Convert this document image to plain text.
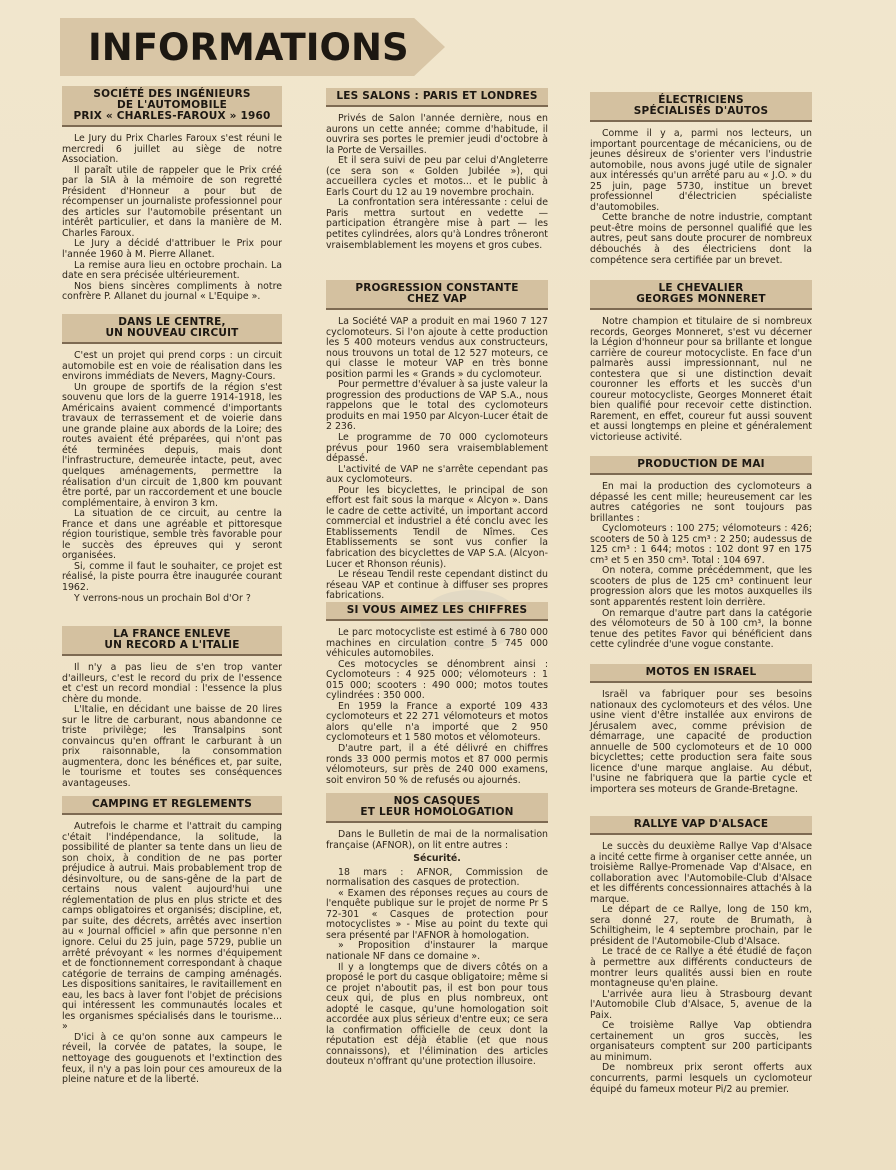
INFORMATIONS
SOCIÉTÉ DES INGÉNIEURS
DE L'AUTOMOBILE
PRIX « CHARLES-FAROUX » 1960

Le Jury du Prix Charles Faroux s'est réuni le mercredi 6 juillet au siège de notre Association.

Il paraît utile de rappeler que le Prix créé par la SIA à la mémoire de son regretté Président d'Honneur a pour but de récompenser un journaliste professionnel pour des articles sur l'automobile présentant un intérêt particulier, et dans la manière de M. Charles Faroux.

Le Jury a décidé d'attribuer le Prix pour l'année 1960 à M. Pierre Allanet.

La remise aura lieu en octobre prochain. La date en sera précisée ultérieurement.

Nos biens sincères compliments à notre confrère P. Allanet du journal « L'Equipe ».

DANS LE CENTRE,
UN NOUVEAU CIRCUIT

C'est un projet qui prend corps : un circuit automobile est en voie de réalisation dans les environs immédiats de Nevers, Magny-Cours.

Un groupe de sportifs de la région s'est souvenu que lors de la guerre 1914-1918, les Américains avaient commencé d'importants travaux de terrassement et de voierie dans une grande plaine aux abords de la Loire; des routes avaient été préparées, qui n'ont pas été terminées depuis, mais dont l'infrastructure, demeurée intacte, peut, avec quelques aménagements, permettre la réalisation d'un circuit de 1,800 km pouvant être porté, par un raccordement et une boucle complémentaire, à environ 3 km.

La situation de ce circuit, au centre la France et dans une agréable et pittoresque région touristique, semble très favorable pour le succès des épreuves qui y seront organisées.

Si, comme il faut le souhaiter, ce projet est réalisé, la piste pourra être inaugurée courant 1962.

Y verrons-nous un prochain Bol d'Or ?

LA FRANCE ENLEVE
UN RECORD A L'ITALIE

Il n'y a pas lieu de s'en trop vanter d'ailleurs, c'est le record du prix de l'essence et c'est un record mondial : l'essence la plus chère du monde.

L'Italie, en décidant une baisse de 20 lires sur le litre de carburant, nous abandonne ce triste privilège; les Transalpins sont convaincus qu'en offrant le carburant à un prix raisonnable, la consommation augmentera, donc les bénéfices et, par suite, le tourisme et toutes ses conséquences avantageuses.

CAMPING ET REGLEMENTS

Autrefois le charme et l'attrait du camping c'était l'indépendance, la solitude, la possibilité de planter sa tente dans un lieu de son choix, à condition de ne pas porter préjudice à autrui. Mais probablement trop de désinvolture, ou de sans-gêne de la part de certains nous valent aujourd'hui une réglementation de plus en plus stricte et des camps obligatoires et organisés; discipline, et, par suite, des décrets, arrêtés avec insertion au « Journal officiel » afin que personne n'en ignore. Celui du 25 juin, page 5729, publie un arrêté prévoyant « les normes d'équipement et de fonctionnement correspondant à chaque catégorie de terrains de camping aménagés. Les dispositions sanitaires, le ravitaillement en eau, les bacs à laver font l'objet de précisions qui intéressent les communautés locales et les organismes spécialisés dans le tourisme... »

D'ici à ce qu'on sonne aux campeurs le réveil, la corvée de patates, la soupe, le nettoyage des gouguenots et l'extinction des feux, il n'y a pas loin pour ces amoureux de la pleine nature et de la liberté.

LES SALONS : PARIS ET LONDRES

Privés de Salon l'année dernière, nous en aurons un cette année; comme d'habitude, il ouvrira ses portes le premier jeudi d'octobre à la Porte de Versailles.

Et il sera suivi de peu par celui d'Angleterre (ce sera son « Golden Jubilée »), qui accueillera cycles et motos... et le public à Earls Court du 12 au 19 novembre prochain.

La confrontation sera intéressante : celui de Paris mettra surtout en vedette — participation étrangère mise à part — les petites cylindrées, alors qu'à Londres trôneront vraisemblablement les moyens et gros cubes.

PROGRESSION CONSTANTE
CHEZ VAP

La Société VAP a produit en mai 1960 7 127 cyclomoteurs. Si l'on ajoute à cette production les 5 400 moteurs vendus aux constructeurs, nous trouvons un total de 12 527 moteurs, ce qui classe le moteur VAP en très bonne position parmi les « Grands » du cyclomoteur.

Pour permettre d'évaluer à sa juste valeur la progression des productions de VAP S.A., nous rappelons que le total des cyclomoteurs produits en mai 1950 par Alcyon-Lucer était de 2 236.

Le programme de 70 000 cyclomoteurs prévus pour 1960 sera vraisemblablement dépassé.

L'activité de VAP ne s'arrête cependant pas aux cyclomoteurs.

Pour les bicyclettes, le principal de son effort est fait sous la marque « Alcyon ». Dans le cadre de cette activité, un important accord commercial et industriel a été conclu avec les Etablissements Tendil de Nîmes. Ces Etablissements se sont vus confier la fabrication des bicyclettes de VAP S.A. (Alcyon-Lucer et Rhonson réunis).

Le réseau Tendil reste cependant distinct du réseau VAP et continue à diffuser ses propres fabrications.

SI VOUS AIMEZ LES CHIFFRES

Le parc motocycliste est estimé à 6 780 000 machines en circulation contre 5 745 000 véhicules automobiles.

Ces motocycles se dénombrent ainsi : Cyclomoteurs : 4 925 000; vélomoteurs : 1 015 000; scooters : 490 000; motos toutes cylindrées : 350 000.

En 1959 la France a exporté 109 433 cyclomoteurs et 22 271 vélomoteurs et motos alors qu'elle n'a importé que 2 950 cyclomoteurs et 1 580 motos et vélomoteurs.

D'autre part, il a été délivré en chiffres ronds 33 000 permis motos et 87 000 permis vélomoteurs, sur près de 240 000 examens, soit environ 50 % de refusés ou ajournés.

NOS CASQUES
ET LEUR HOMOLOGATION

Dans le Bulletin de mai de la normalisation française (AFNOR), on lit entre autres :

Sécurité.

18 mars : AFNOR, Commission de normalisation des casques de protection.

« Examen des réponses reçues au cours de l'enquête publique sur le projet de norme Pr S 72-301 « Casques de protection pour motocyclistes » - Mise au point du texte qui sera présenté par l'AFNOR à homologation.

» Proposition d'instaurer la marque nationale NF dans ce domaine ».

Il y a longtemps que de divers côtés on a proposé le port du casque obligatoire; même si ce projet n'aboutit pas, il est bon pour tous ceux qui, de plus en plus nombreux, ont adopté le casque, qu'une homologation soit accordée aux plus sérieux d'entre eux; ce sera la confirmation officielle de ceux dont la réputation est déjà établie (et que nous connaissons), et l'élimination des articles douteux n'offrant qu'une protection illusoire.

ÉLECTRICIENS
SPÉCIALISÉS D'AUTOS

Comme il y a, parmi nos lecteurs, un important pourcentage de mécaniciens, ou de jeunes désireux de s'orienter vers l'industrie automobile, nous avons jugé utile de signaler aux intéressés qu'un arrêté paru au « J.O. » du 25 juin, page 5730, institue un brevet professionnel d'électricien spécialiste d'automobiles.

Cette branche de notre industrie, comptant peut-être moins de personnel qualifié que les autres, peut sans doute procurer de nombreux débouchés à des électriciens dont la compétence sera certifiée par un brevet.

LE CHEVALIER
GEORGES MONNERET

Notre champion et titulaire de si nombreux records, Georges Monneret, s'est vu décerner la Légion d'honneur pour sa brillante et longue carrière de coureur motocycliste. En face d'un palmarès aussi impressionnant, nul ne contestera que si une distinction devait couronner les efforts et les succès d'un coureur motocycliste, Georges Monneret était bien qualifié pour recevoir cette distinction. Rarement, en effet, coureur fut aussi souvent et aussi longtemps en pleine et généralement victorieuse activité.

PRODUCTION DE MAI

En mai la production des cyclomoteurs a dépassé les cent mille; heureusement car les autres catégories ne sont toujours pas brillantes :

Cyclomoteurs : 100 275; vélomoteurs : 426; scooters de 50 à 125 cm³ : 2 250; audessus de 125 cm³ : 1 644; motos : 102 dont 97 en 175 cm³ et 5 en 350 cm³. Total : 104 697.

On notera, comme précédemment, que les scooters de plus de 125 cm³ continuent leur progression alors que les motos auxquelles ils sont apparentés restent loin derrière.

On remarque d'autre part dans la catégorie des vélomoteurs de 50 à 100 cm³, la bonne tenue des petites Favor qui bénéficient dans cette cylindrée d'une vogue constante.

MOTOS EN ISRAEL

Israël va fabriquer pour ses besoins nationaux des cyclomoteurs et des vélos. Une usine vient d'être installée aux environs de Jérusalem avec, comme prévision de démarrage, une capacité de production annuelle de 500 cyclomoteurs et de 10 000 bicyclettes; cette production sera faite sous licence d'une marque anglaise. Au début, l'usine ne fabriquera que la partie cycle et importera ses moteurs de Grande-Bretagne.

RALLYE VAP D'ALSACE

Le succès du deuxième Rallye Vap d'Alsace a incité cette firme à organiser cette année, un troisième Rallye-Promenade Vap d'Alsace, en collaboration avec l'Automobile-Club d'Alsace et les différents concessionnaires attachés à la marque.

Le départ de ce Rallye, long de 150 km, sera donné 27, route de Brumath, à Schiltigheim, le 4 septembre prochain, par le président de l'Automobile-Club d'Alsace.

Le tracé de ce Rallye a été étudié de façon à permettre aux différents conducteurs de montrer leurs qualités aussi bien en route montagneuse qu'en plaine.

L'arrivée aura lieu à Strasbourg devant l'Automobile Club d'Alsace, 5, avenue de la Paix.

Ce troisième Rallye Vap obtiendra certainement un gros succès, les organisateurs comptent sur 200 participants au minimum.

De nombreux prix seront offerts aux concurrents, parmi lesquels un cyclomoteur équipé du fameux moteur Pi/2 au premier.
